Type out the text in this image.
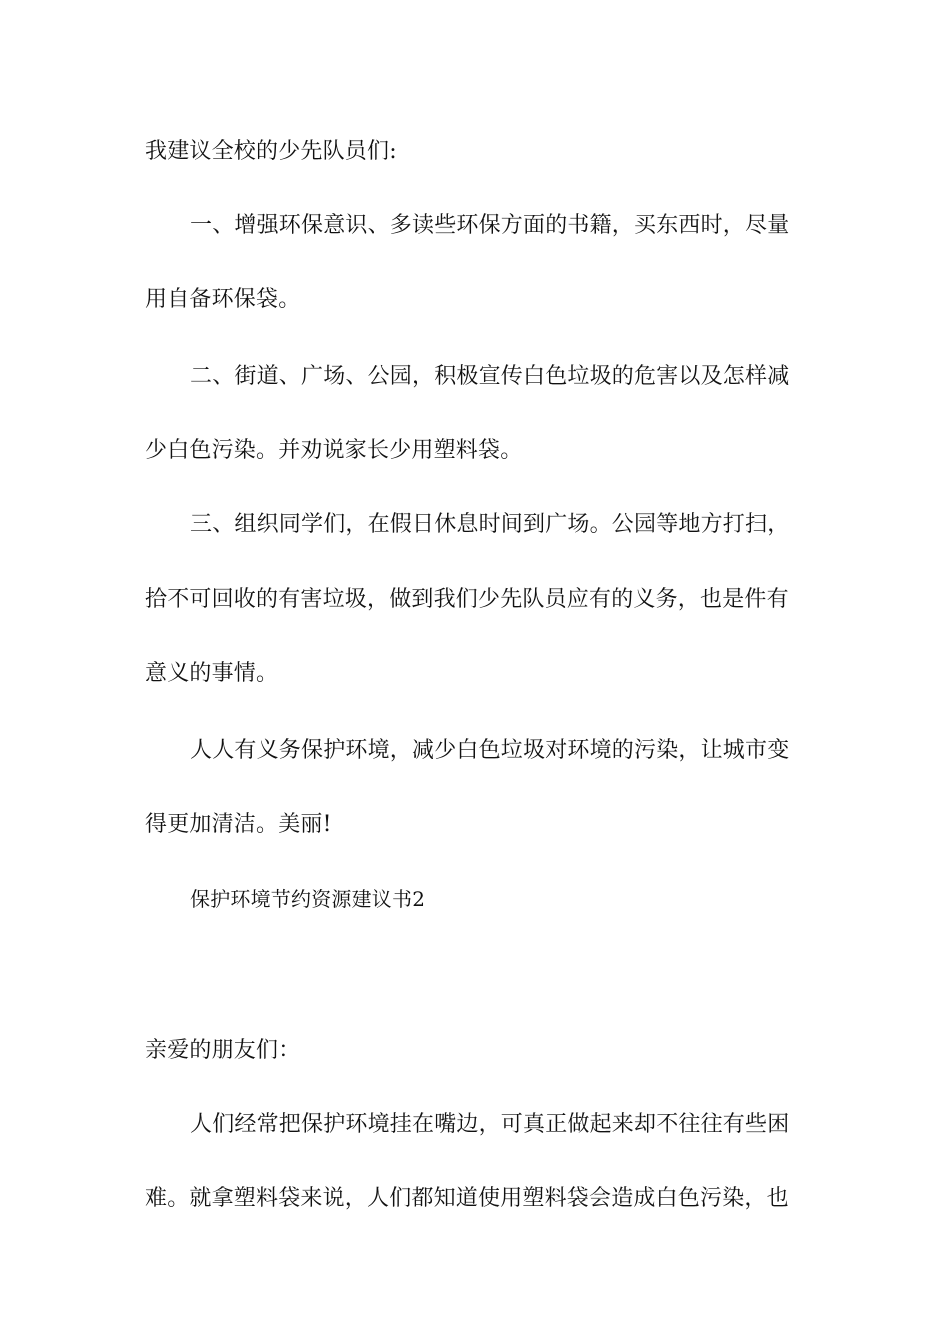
我建议全校的少先队员们:
一、增强环保意识、多读些环保方面的书籍，买东西时，尽量
用自备环保袋。
二、街道、广场、公园，积极宣传白色垃圾的危害以及怎样减
少白色污染。并劝说家长少用塑料袋。
三、组织同学们，在假日休息时间到广场。公园等地方打扫，
拾不可回收的有害垃圾，做到我们少先队员应有的义务，也是件有
意义的事情。
人人有义务保护环境，减少白色垃圾对环境的污染，让城市变
得更加清洁。美丽!
保护环境节约资源建议书2
亲爱的朋友们：
人们经常把保护环境挂在嘴边，可真正做起来却不往往有些困
难。就拿塑料袋来说，人们都知道使用塑料袋会造成白色污染，也
